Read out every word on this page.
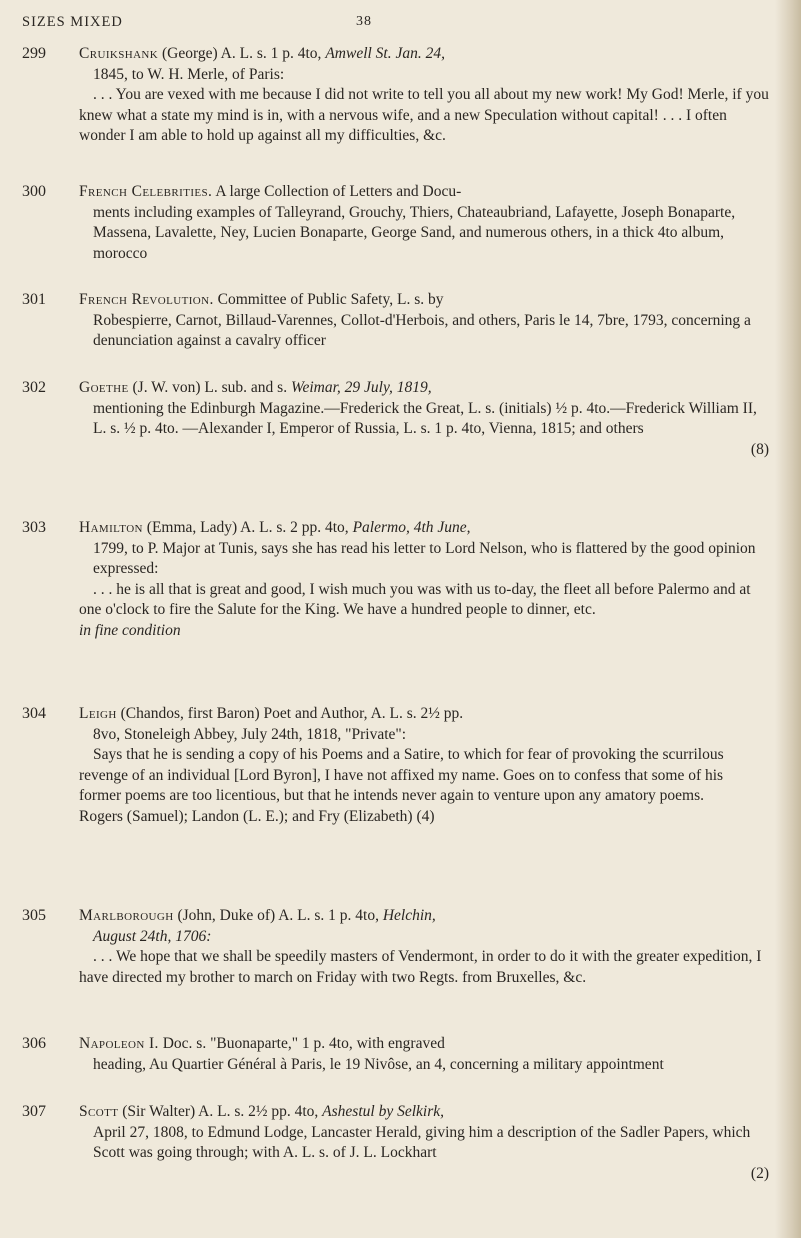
SIZES MIXED	38
299	Cruikshank (George) A. L. s. 1 p. 4to, Amwell St. Jan. 24,

1845, to W. H. Merle, of Paris:

. . . You are vexed with me because I did not write to tell you all about my new work! My God! Merle, if you knew what a state my mind is in, with a nervous wife, and a new Speculation without capital! . . . I often wonder I am able to hold up against all my difficulties, &c.

300	French Celebrities. A large Collection of Letters and Docu-

ments including examples of Talleyrand, Grouchy, Thiers, Chateaubriand, Lafayette, Joseph Bonaparte, Massena, Lavalette, Ney, Lucien Bonaparte, George Sand, and numerous others, in a thick 4to album, morocco

301	French Revolution. Committee of Public Safety, L. s. by

Robespierre, Carnot, Billaud-Varennes, Collot-d'Herbois, and others, Paris le 14, 7bre, 1793, concerning a denunciation against a cavalry officer

302	Goethe (J. W. von) L. sub. and s. Weimar, 29 July, 1819,

mentioning the Edinburgh Magazine.—Frederick the Great, L. s. (initials) ½ p. 4to.—Frederick William II, L. s. ½ p. 4to. —Alexander I, Emperor of Russia, L. s. 1 p. 4to, Vienna, 1815; and others

(8)

303	Hamilton (Emma, Lady) A. L. s. 2 pp. 4to, Palermo, 4th June,

1799, to P. Major at Tunis, says she has read his letter to Lord Nelson, who is flattered by the good opinion expressed:

. . . he is all that is great and good, I wish much you was with us to-day, the fleet all before Palermo and at one o'clock to fire the Salute for the King. We have a hundred people to dinner, etc.

in fine condition

304	Leigh (Chandos, first Baron) Poet and Author, A. L. s. 2½ pp.

8vo, Stoneleigh Abbey, July 24th, 1818, "Private":

Says that he is sending a copy of his Poems and a Satire, to which for fear of provoking the scurrilous revenge of an individual [Lord Byron], I have not affixed my name. Goes on to confess that some of his former poems are too licentious, but that he intends never again to venture upon any amatory poems.

Rogers (Samuel); Landon (L. E.); and Fry (Elizabeth) (4)

305	Marlborough (John, Duke of) A. L. s. 1 p. 4to, Helchin,

August 24th, 1706:

. . . We hope that we shall be speedily masters of Vendermont, in order to do it with the greater expedition, I have directed my brother to march on Friday with two Regts. from Bruxelles, &c.

306	Napoleon I. Doc. s. "Buonaparte," 1 p. 4to, with engraved

heading, Au Quartier Général à Paris, le 19 Nivôse, an 4, concerning a military appointment

307	Scott (Sir Walter) A. L. s. 2½ pp. 4to, Ashestul by Selkirk,

April 27, 1808, to Edmund Lodge, Lancaster Herald, giving him a description of the Sadler Papers, which Scott was going through; with A. L. s. of J. L. Lockhart

(2)
